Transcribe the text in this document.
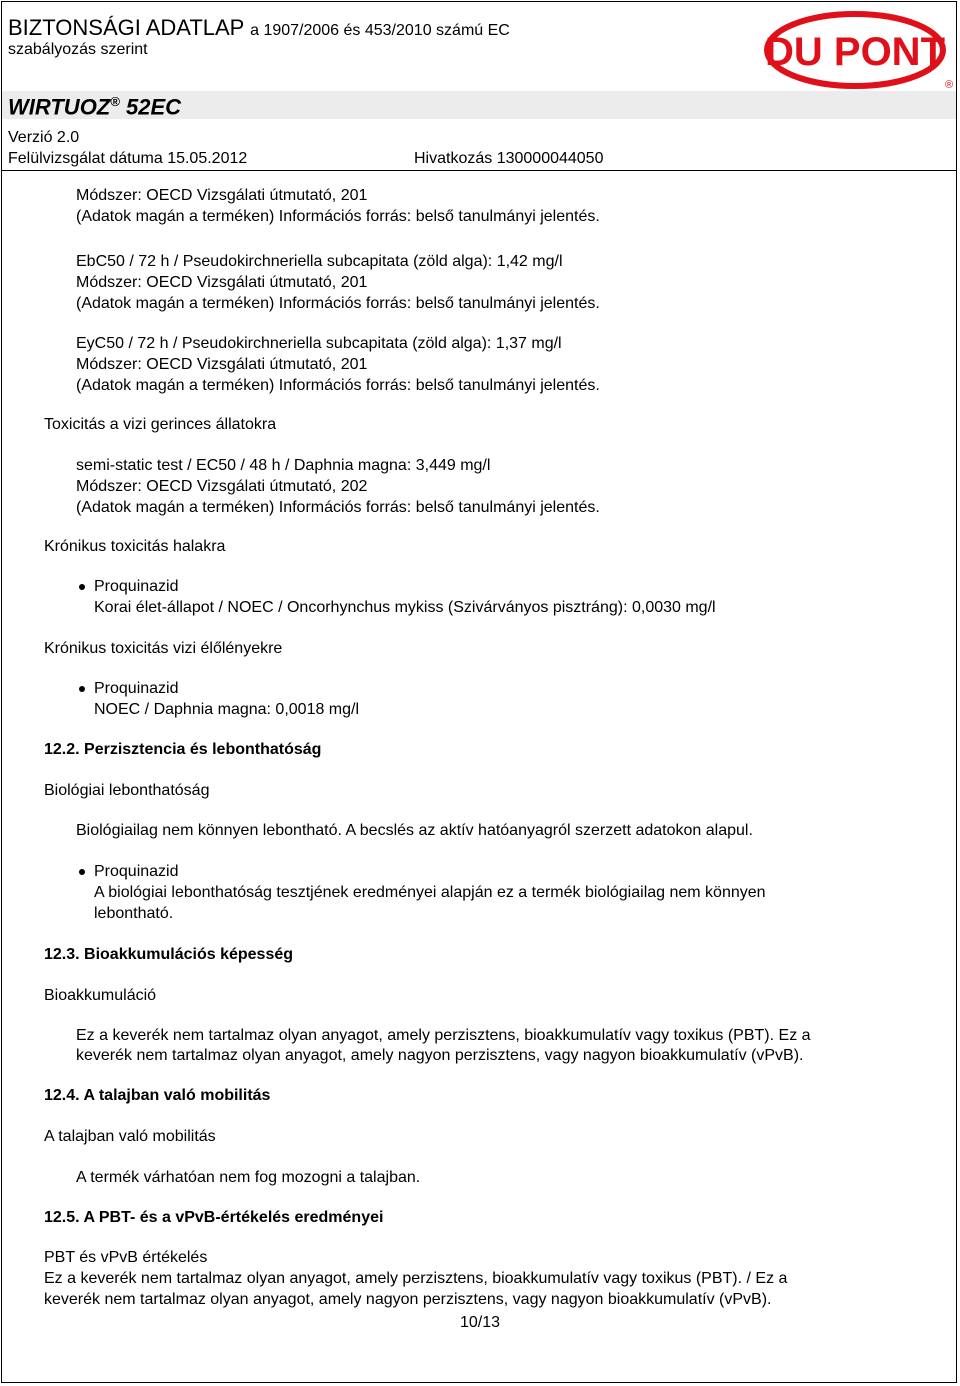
BIZTONSÁGI ADATLAP a 1907/2006 és 453/2010 számú EC
szabályozás szerint
WIRTUOZ® 52EC
Verzió 2.0
Felülvizsgálat dátuma 15.05.2012	Hivatkozás 130000044050
DU PONT
®
Módszer: OECD Vizsgálati útmutató, 201
(Adatok magán a terméken) Információs forrás: belső tanulmányi jelentés.
EbC50 / 72 h / Pseudokirchneriella subcapitata (zöld alga): 1,42 mg/l
Módszer: OECD Vizsgálati útmutató, 201
(Adatok magán a terméken) Információs forrás: belső tanulmányi jelentés.
EyC50 / 72 h / Pseudokirchneriella subcapitata (zöld alga): 1,37 mg/l
Módszer: OECD Vizsgálati útmutató, 201
(Adatok magán a terméken) Információs forrás: belső tanulmányi jelentés.
Toxicitás a vizi gerinces állatokra
semi-static test / EC50 / 48 h / Daphnia magna: 3,449 mg/l
Módszer: OECD Vizsgálati útmutató, 202
(Adatok magán a terméken) Információs forrás: belső tanulmányi jelentés.
Krónikus toxicitás halakra
Proquinazid
Korai élet-állapot / NOEC / Oncorhynchus mykiss (Szivárványos pisztráng): 0,0030 mg/l
Krónikus toxicitás vizi élőlényekre
Proquinazid
NOEC / Daphnia magna: 0,0018 mg/l
12.2. Perzisztencia és lebonthatóság
Biológiai lebonthatóság
Biológiailag nem könnyen lebontható. A becslés az aktív hatóanyagról szerzett adatokon alapul.
Proquinazid
A biológiai lebonthatóság tesztjének eredményei alapján ez a termék biológiailag nem könnyen
lebontható.
12.3. Bioakkumulációs képesség
Bioakkumuláció
Ez a keverék nem tartalmaz olyan anyagot, amely perzisztens, bioakkumulatív vagy toxikus (PBT). Ez a
keverék nem tartalmaz olyan anyagot, amely nagyon perzisztens, vagy nagyon bioakkumulatív (vPvB).
12.4. A talajban való mobilitás
A talajban való mobilitás
A termék várhatóan nem fog mozogni a talajban.
12.5. A PBT- és a vPvB-értékelés eredményei
PBT és vPvB értékelés
Ez a keverék nem tartalmaz olyan anyagot, amely perzisztens, bioakkumulatív vagy toxikus (PBT). / Ez a
keverék nem tartalmaz olyan anyagot, amely nagyon perzisztens, vagy nagyon bioakkumulatív (vPvB).
10/13
